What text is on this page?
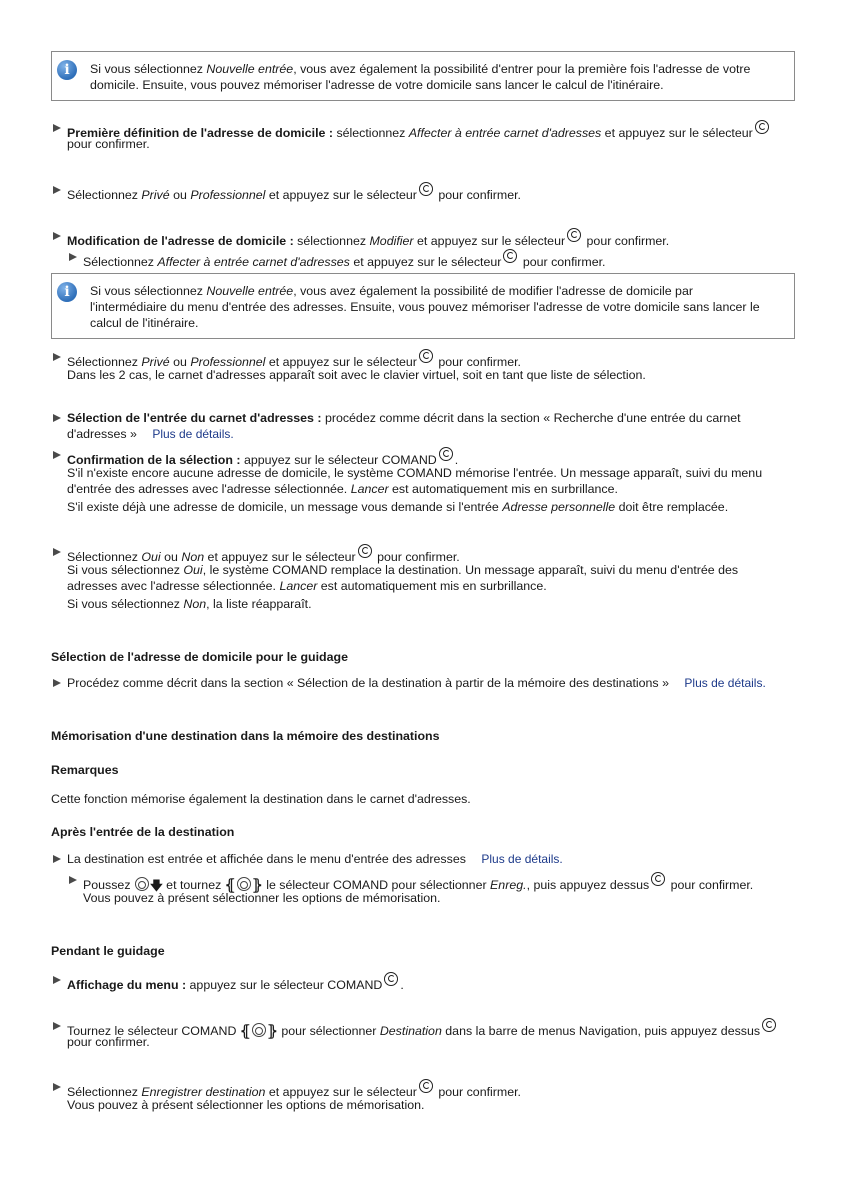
i
Si vous sélectionnez Nouvelle entrée, vous avez également la possibilité d'entrer pour la première fois l'adresse de votre
domicile. Ensuite, vous pouvez mémoriser l'adresse de votre domicile sans lancer le calcul de l'itinéraire.
Première définition de l'adresse de domicile : sélectionnez Affecter à entrée carnet d'adresses et appuyez sur le sélecteur
pour confirmer.
Sélectionnez Privé ou Professionnel et appuyez sur le sélecteur pour confirmer.
Modification de l'adresse de domicile : sélectionnez Modifier et appuyez sur le sélecteur pour confirmer.
Sélectionnez Affecter à entrée carnet d'adresses et appuyez sur le sélecteur pour confirmer.
i
Si vous sélectionnez Nouvelle entrée, vous avez également la possibilité de modifier l'adresse de domicile par
l'intermédiaire du menu d'entrée des adresses. Ensuite, vous pouvez mémoriser l'adresse de votre domicile sans lancer le
calcul de l'itinéraire.
Sélectionnez Privé ou Professionnel et appuyez sur le sélecteur pour confirmer.
Dans les 2 cas, le carnet d'adresses apparaît soit avec le clavier virtuel, soit en tant que liste de sélection.
Sélection de l'entrée du carnet d'adresses : procédez comme décrit dans la section « Recherche d'une entrée du carnet
d'adresses » Plus de détails.
Confirmation de la sélection : appuyez sur le sélecteur COMAND .
S'il n'existe encore aucune adresse de domicile, le système COMAND mémorise l'entrée. Un message apparaît, suivi du menu
d'entrée des adresses avec l'adresse sélectionnée. Lancer est automatiquement mis en surbrillance.
S'il existe déjà une adresse de domicile, un message vous demande si l'entrée Adresse personnelle doit être remplacée.
Sélectionnez Oui ou Non et appuyez sur le sélecteur pour confirmer.
Si vous sélectionnez Oui, le système COMAND remplace la destination. Un message apparaît, suivi du menu d'entrée des
adresses avec l'adresse sélectionnée. Lancer est automatiquement mis en surbrillance.
Si vous sélectionnez Non, la liste réapparaît.
Sélection de l'adresse de domicile pour le guidage
Procédez comme décrit dans la section « Sélection de la destination à partir de la mémoire des destinations » Plus de détails.
Mémorisation d'une destination dans la mémoire des destinations
Remarques
Cette fonction mémorise également la destination dans le carnet d'adresses.
Après l'entrée de la destination
La destination est entrée et affichée dans le menu d'entrée des adresses Plus de détails.
Poussez 🡇 et tournez ⦃ ⦄ le sélecteur COMAND pour sélectionner Enreg., puis appuyez dessus pour confirmer.
Vous pouvez à présent sélectionner les options de mémorisation.
Pendant le guidage
Affichage du menu : appuyez sur le sélecteur COMAND .
Tournez le sélecteur COMAND ⦃ ⦄ pour sélectionner Destination dans la barre de menus Navigation, puis appuyez dessus
pour confirmer.
Sélectionnez Enregistrer destination et appuyez sur le sélecteur pour confirmer.
Vous pouvez à présent sélectionner les options de mémorisation.
